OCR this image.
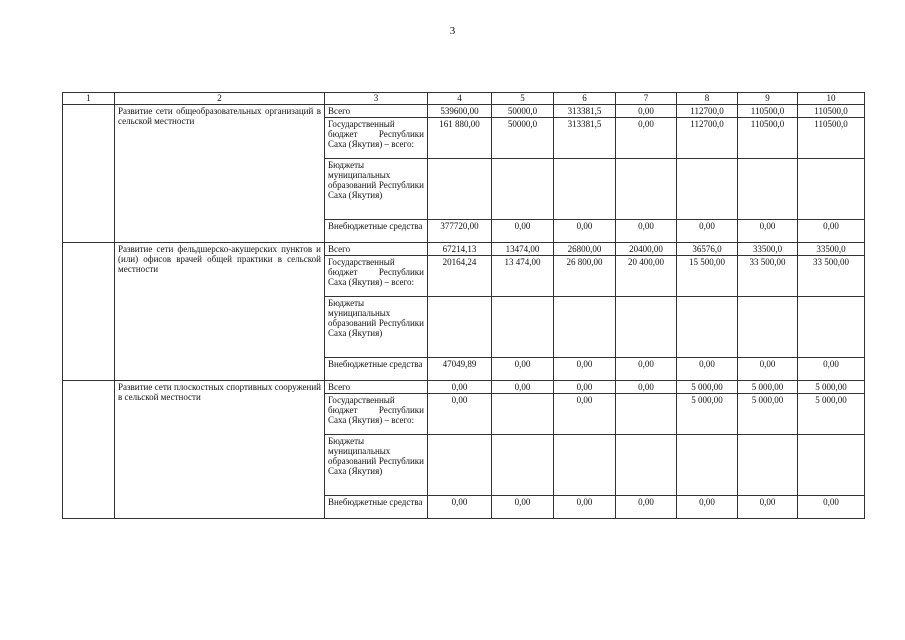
3
1	2	3	4	5	6	7	8	9	10
	Развитие сети общеобразовательных организаций в сельской местности	Всего	539600,00	50000,0	313381,5	0,00	112700,0	110500,0	110500,0
		Государственный бюджет Республики Саха (Якутия) – всего:	161 880,00	50000,0	313381,5	0,00	112700,0	110500,0	110500,0
		Бюджеты муниципальных образований Республики Саха (Якутия)							
		Внебюджетные средства	377720,00	0,00	0,00	0,00	0,00	0,00	0,00
	Развитие сети фельдшерско-акушерских пунктов и (или) офисов врачей общей практики в сельской местности	Всего	67214,13	13474,00	26800,00	20400,00	36576,0	33500,0	33500,0
		Государственный бюджет Республики Саха (Якутия) – всего:	20164,24	13 474,00	26 800,00	20 400,00	15 500,00	33 500,00	33 500,00
		Бюджеты муниципальных образований Республики Саха (Якутия)							
		Внебюджетные средства	47049,89	0,00	0,00	0,00	0,00	0,00	0,00
	Развитие сети плоскостных спортивных сооружений в сельской местности	Всего	0,00	0,00	0,00	0,00	5 000,00	5 000,00	5 000,00
		Государственный бюджет Республики Саха (Якутия) – всего:	0,00		0,00		5 000,00	5 000,00	5 000,00
		Бюджеты муниципальных образований Республики Саха (Якутия)							
		Внебюджетные средства	0,00	0,00	0,00	0,00	0,00	0,00	0,00
